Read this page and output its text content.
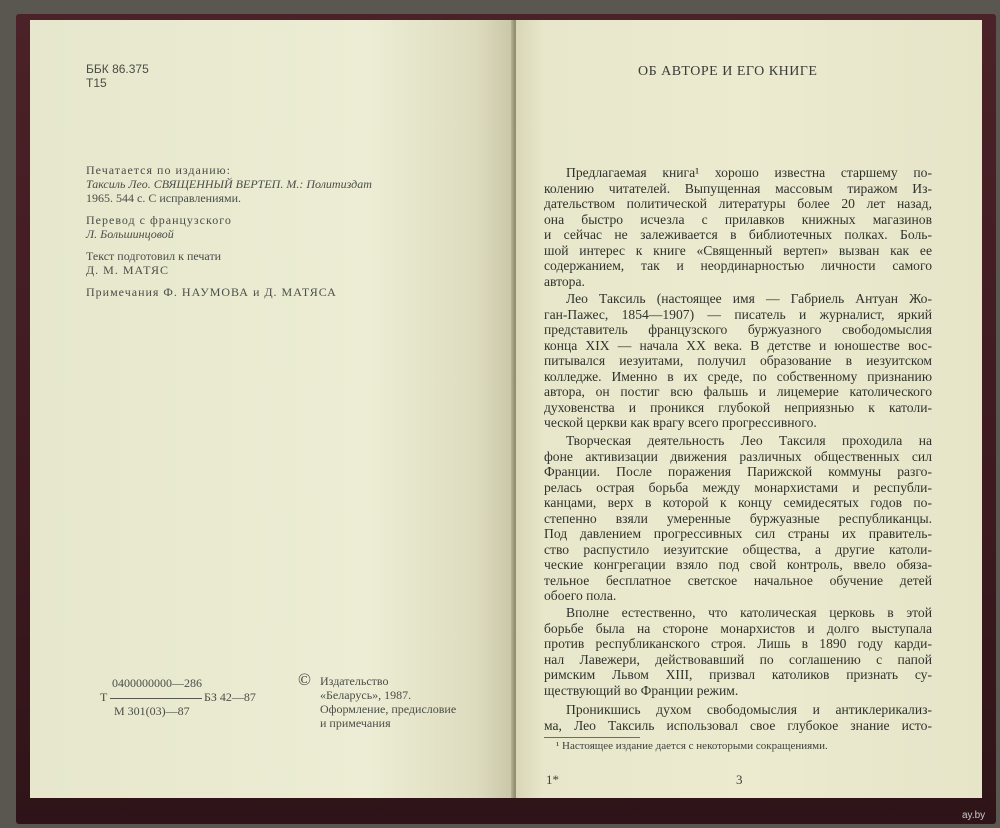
ББК 86.375
Т15
Печатается по изданию:
Таксиль Лео. СВЯЩЕННЫЙ ВЕРТЕП. М.: Политиздат
1965. 544 с. С исправлениями.
Перевод с французского
Л. Большинцовой
Текст подготовил к печати
Д. М. МАТЯС
Примечания Ф. НАУМОВА и Д. МАТЯСА
0400000000—286
Т	БЗ 42—87
М 301(03)—87
© Издательство
«Беларусь», 1987.
Оформление, предисловие
и примечания
ОБ АВТОРЕ И ЕГО КНИГЕ
Предлагаемая книга¹ хорошо известна старшему по-
колению читателей. Выпущенная массовым тиражом Из-
дательством политической литературы более 20 лет назад,
она быстро исчезла с прилавков книжных магазинов
и сейчас не залеживается в библиотечных полках. Боль-
шой интерес к книге «Священный вертеп» вызван как ее
содержанием, так и неординарностью личности самого
автора.
Лео Таксиль (настоящее имя — Габриель Антуан Жо-
ган-Пажес, 1854—1907) — писатель и журналист, яркий
представитель французского буржуазного свободомыслия
конца XIX — начала XX века. В детстве и юношестве вос-
питывался иезуитами, получил образование в иезуитском
колледже. Именно в их среде, по собственному признанию
автора, он постиг всю фальшь и лицемерие католического
духовенства и проникся глубокой неприязнью к католи-
ческой церкви как врагу всего прогрессивного.
Творческая деятельность Лео Таксиля проходила на
фоне активизации движения различных общественных сил
Франции. После поражения Парижской коммуны разго-
релась острая борьба между монархистами и республи-
канцами, верх в которой к концу семидесятых годов по-
степенно взяли умеренные буржуазные республиканцы.
Под давлением прогрессивных сил страны их правитель-
ство распустило иезуитские общества, а другие католи-
ческие конгрегации взяло под свой контроль, ввело обяза-
тельное бесплатное светское начальное обучение детей
обоего пола.
Вполне естественно, что католическая церковь в этой
борьбе была на стороне монархистов и долго выступала
против республиканского строя. Лишь в 1890 году карди-
нал Лавежери, действовавший по соглашению с папой
римским Львом XIII, призвал католиков признать су-
ществующий во Франции режим.
Проникшись духом свободомыслия и антиклерикализ-
ма, Лео Таксиль использовал свое глубокое знание исто-
¹ Настоящее издание дается с некоторыми сокращениями.
1*	3
ay.by
